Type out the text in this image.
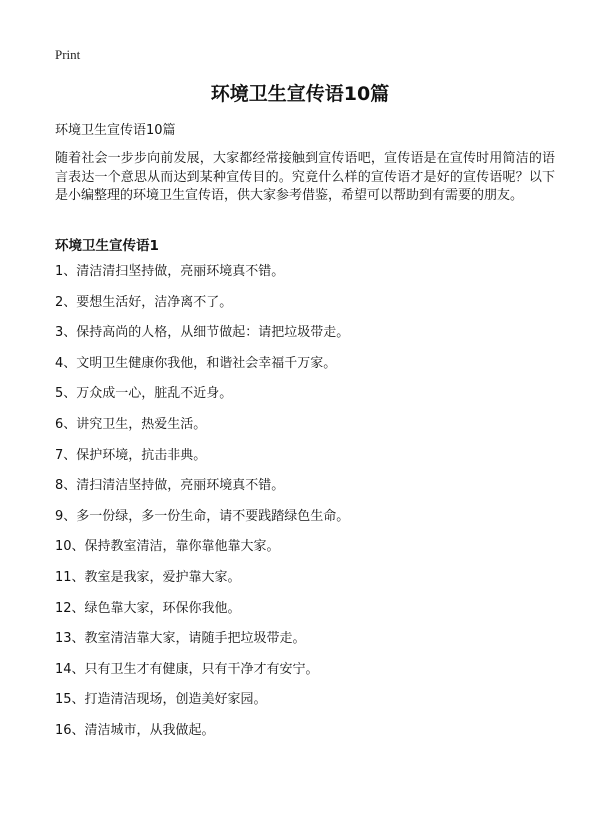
Print
环境卫生宣传语10篇

环境卫生宣传语10篇

随着社会一步步向前发展，大家都经常接触到宣传语吧，宣传语是在宣传时用简洁的语言表达一个意思从而达到某种宣传目的。究竟什么样的宣传语才是好的宣传语呢？以下是小编整理的环境卫生宣传语，供大家参考借鉴，希望可以帮助到有需要的朋友。

环境卫生宣传语1
1、清洁清扫坚持做，亮丽环境真不错。
2、要想生活好，洁净离不了。
3、保持高尚的人格，从细节做起：请把垃圾带走。
4、文明卫生健康你我他，和谐社会幸福千万家。
5、万众成一心，脏乱不近身。
6、讲究卫生，热爱生活。
7、保护环境，抗击非典。
8、清扫清洁坚持做，亮丽环境真不错。
9、多一份绿，多一份生命，请不要践踏绿色生命。
10、保持教室清洁，靠你靠他靠大家。
11、教室是我家，爱护靠大家。
12、绿色靠大家，环保你我他。
13、教室清洁靠大家，请随手把垃圾带走。
14、只有卫生才有健康，只有干净才有安宁。
15、打造清洁现场，创造美好家园。
16、清洁城市，从我做起。
